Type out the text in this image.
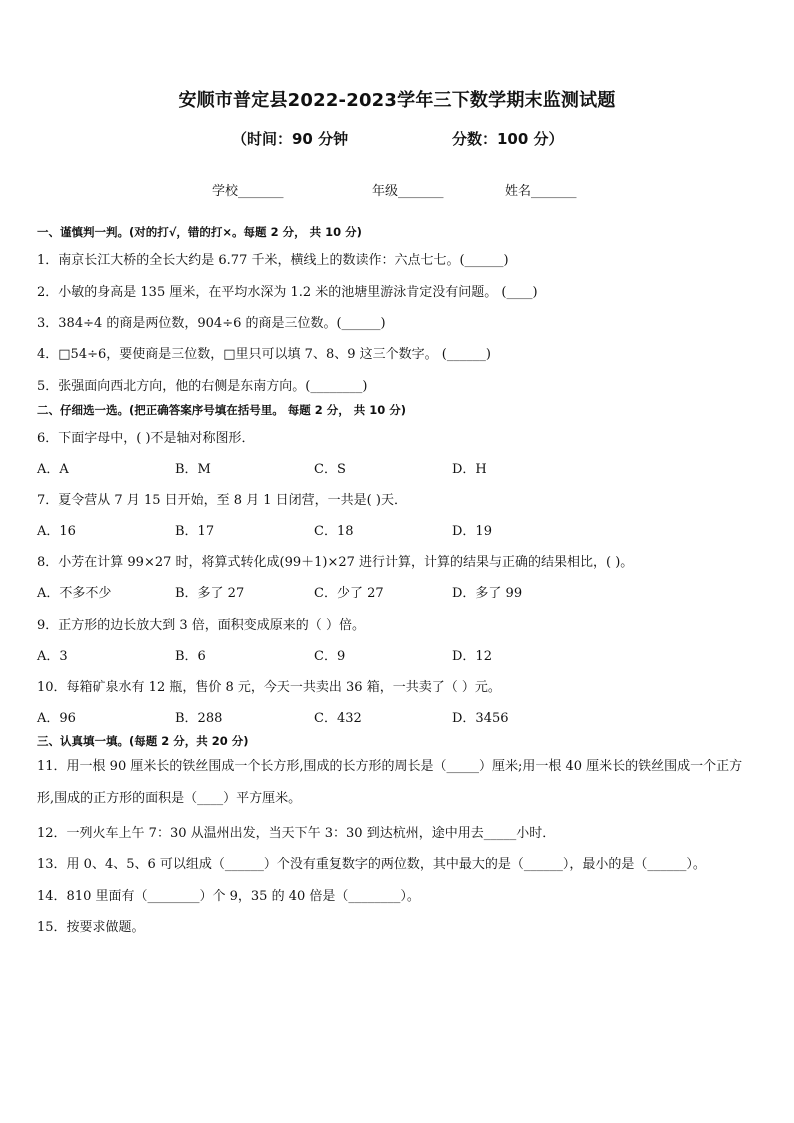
安顺市普定县2022-2023学年三下数学期末监测试题
（时间：90 分钟	分数：100 分）
学校_______	年级_______	姓名_______
一、谨慎判一判。(对的打√，错的打×。每题 2 分， 共 10 分)
1．南京长江大桥的全长大约是 6.77 千米，横线上的数读作：六点七七。(______)
2．小敏的身高是 135 厘米，在平均水深为 1.2 米的池塘里游泳肯定没有问题。 (____)
3．384÷4 的商是两位数，904÷6 的商是三位数。(______)
4．□54÷6，要使商是三位数，□里只可以填 7、8、9 这三个数字。 (______)
5．张强面向西北方向，他的右侧是东南方向。(________)
二、仔细选一选。(把正确答案序号填在括号里。 每题 2 分， 共 10 分)
6．下面字母中，( )不是轴对称图形．
A．A	B．M	C．S	D．H
7．夏令营从 7 月 15 日开始，至 8 月 1 日闭营，一共是( )天．
A．16	B．17	C．18	D．19
8．小芳在计算 99×27 时，将算式转化成(99＋1)×27 进行计算，计算的结果与正确的结果相比，( )。
A．不多不少	B．多了 27	C．少了 27	D．多了 99
9．正方形的边长放大到 3 倍，面积变成原来的（ ）倍。
A．3	B．6	C．9	D．12
10．每箱矿泉水有 12 瓶，售价 8 元，今天一共卖出 36 箱，一共卖了（ ）元。
A．96	B．288	C．432	D．3456
三、认真填一填。(每题 2 分，共 20 分)
11．用一根 90 厘米长的铁丝围成一个长方形,围成的长方形的周长是（_____）厘米;用一根 40 厘米长的铁丝围成一个正方形,围成的正方形的面积是（____）平方厘米。
12．一列火车上午 7：30 从温州出发，当天下午 3：30 到达杭州，途中用去_____小时．
13．用 0、4、5、6 可以组成（______）个没有重复数字的两位数，其中最大的是（______），最小的是（______）。
14．810 里面有（________）个 9，35 的 40 倍是（________）。
15．按要求做题。
